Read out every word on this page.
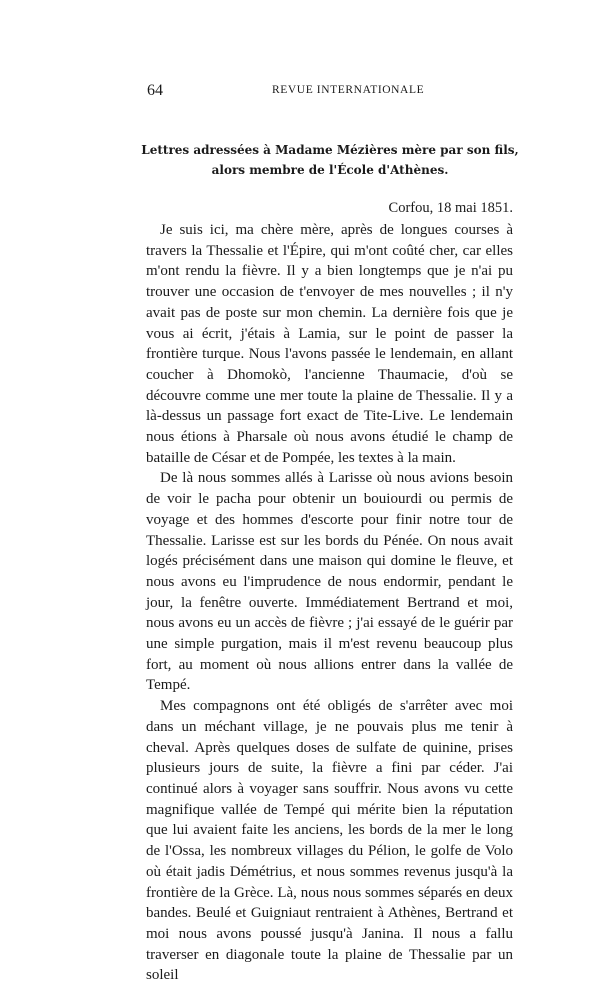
64	REVUE INTERNATIONALE
Lettres adressées à Madame Mézières mère par son fils,
alors membre de l'École d'Athènes.
Corfou, 18 mai 1851.

Je suis ici, ma chère mère, après de longues courses à travers la Thessalie et l'Épire, qui m'ont coûté cher, car elles m'ont rendu la fièvre. Il y a bien longtemps que je n'ai pu trouver une occasion de t'envoyer de mes nouvelles ; il n'y avait pas de poste sur mon chemin. La dernière fois que je vous ai écrit, j'étais à Lamia, sur le point de passer la frontière turque. Nous l'avons passée le lendemain, en allant coucher à Dhomokò, l'ancienne Thaumacie, d'où se découvre comme une mer toute la plaine de Thessalie. Il y a là-dessus un passage fort exact de Tite-Live. Le lendemain nous étions à Pharsale où nous avons étudié le champ de bataille de César et de Pompée, les textes à la main.

De là nous sommes allés à Larisse où nous avions besoin de voir le pacha pour obtenir un bouiourdi ou permis de voyage et des hommes d'escorte pour finir notre tour de Thessalie. Larisse est sur les bords du Pénée. On nous avait logés précisément dans une maison qui domine le fleuve, et nous avons eu l'imprudence de nous endormir, pendant le jour, la fenêtre ouverte. Immédiatement Bertrand et moi, nous avons eu un accès de fièvre ; j'ai essayé de le guérir par une simple purgation, mais il m'est revenu beaucoup plus fort, au moment où nous allions entrer dans la vallée de Tempé.

Mes compagnons ont été obligés de s'arrêter avec moi dans un méchant village, je ne pouvais plus me tenir à cheval. Après quelques doses de sulfate de quinine, prises plusieurs jours de suite, la fièvre a fini par céder. J'ai continué alors à voyager sans souffrir. Nous avons vu cette magnifique vallée de Tempé qui mérite bien la réputation que lui avaient faite les anciens, les bords de la mer le long de l'Ossa, les nombreux villages du Pélion, le golfe de Volo où était jadis Démétrius, et nous sommes revenus jusqu'à la frontière de la Grèce. Là, nous nous sommes séparés en deux bandes. Beulé et Guigniaut rentraient à Athènes, Bertrand et moi nous avons poussé jusqu'à Janina. Il nous a fallu traverser en diagonale toute la plaine de Thessalie par un soleil
